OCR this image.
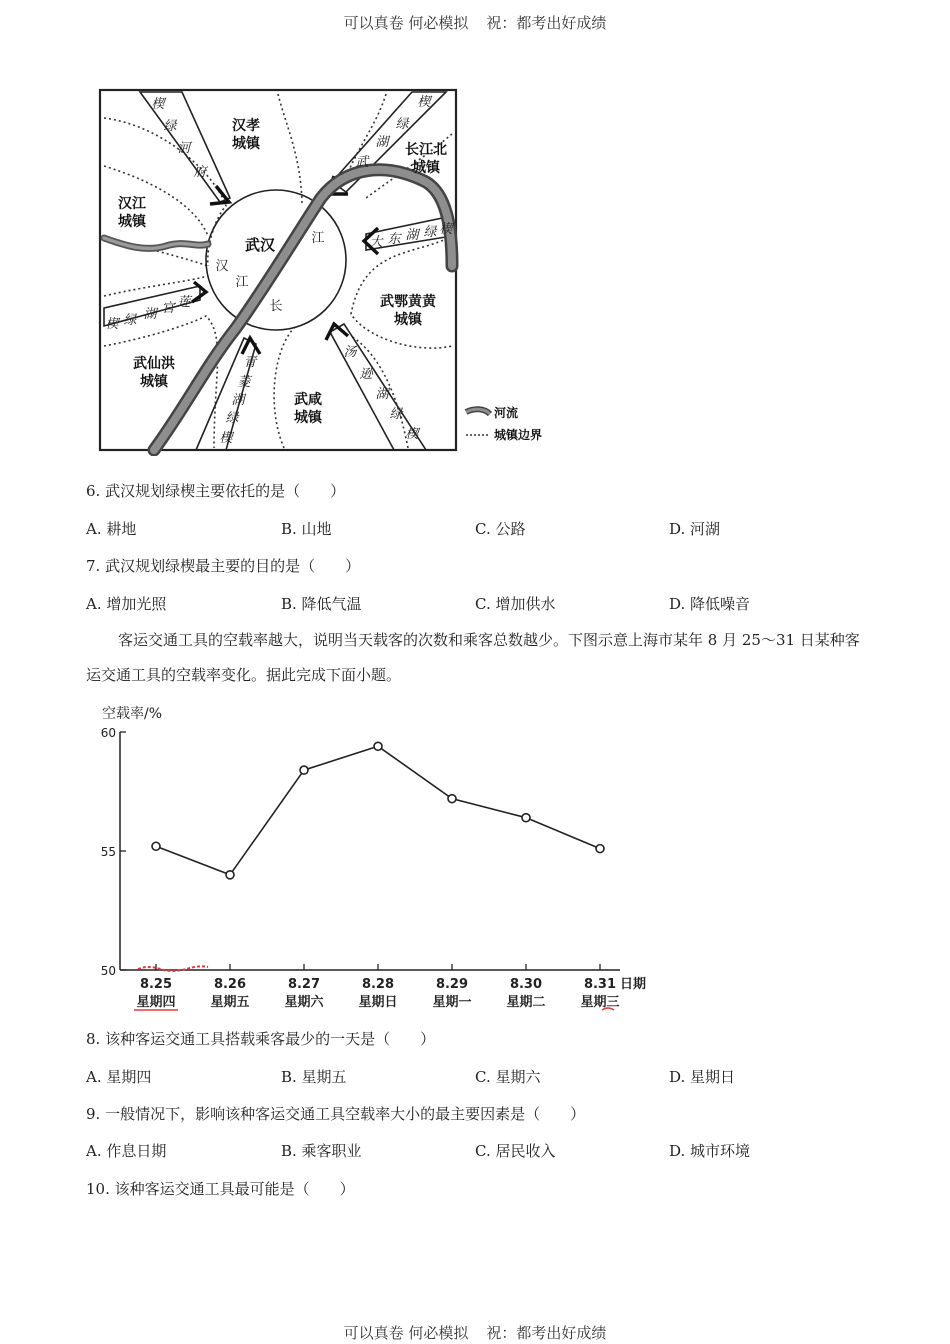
可以真卷 何必模拟 祝：都考出好成绩
汉孝
城镇	长江北
城镇
汉江
城镇
武汉
武鄂黄黄
城镇
武仙洪
城镇
武咸
城镇
楔
绿
河
府
楔
绿
湖
武
大 东 湖 绿 楔
楔 绿 湖 官 莲
青
菱
湖
绿
楔
汤
逊
湖
绿
楔
汉
江
江
长
河流
城镇边界
6. 武汉规划绿楔主要依托的是（　　）
A. 耕地	B. 山地	C. 公路	D. 河湖
7. 武汉规划绿楔最主要的目的是（　　）
A. 增加光照	B. 降低气温	C. 增加供水	D. 降低噪音
客运交通工具的空载率越大，说明当天载客的次数和乘客总数越少。下图示意上海市某年 8 月 25～31 日某种客运交通工具的空载率变化。据此完成下面小题。
空载率/%
60
55
50
8.25
星期四
8.26
星期五
8.27
星期六
8.28
星期日
8.29
星期一
8.30
星期二
8.31
星期三
日期
8. 该种客运交通工具搭载乘客最少的一天是（　　）
A. 星期四	B. 星期五	C. 星期六	D. 星期日
9. 一般情况下，影响该种客运交通工具空载率大小的最主要因素是（　　）
A. 作息日期	B. 乘客职业	C. 居民收入	D. 城市环境
10. 该种客运交通工具最可能是（　　）
可以真卷 何必模拟 祝：都考出好成绩
